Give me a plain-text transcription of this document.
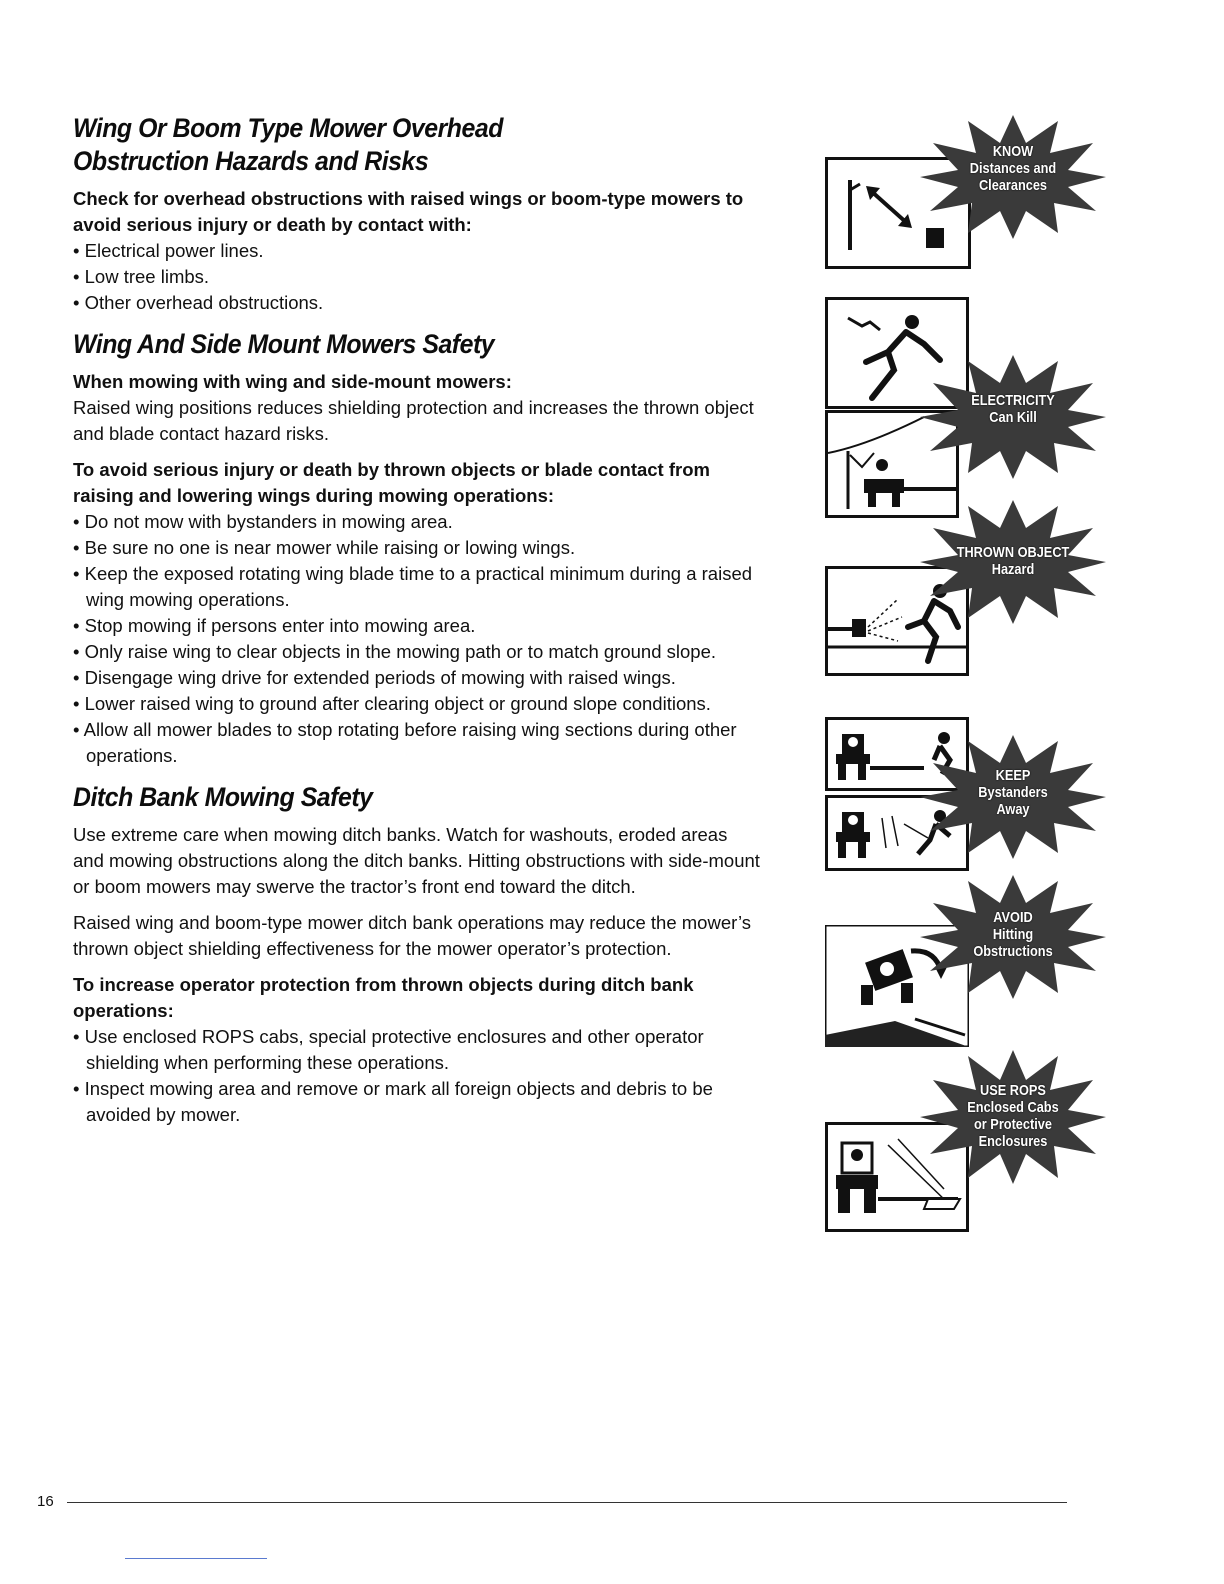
Wing Or Boom Type Mower Overhead
Obstruction Hazards and Risks

Check for overhead obstructions with raised wings or boom-type mowers to avoid serious injury or death by contact with:

• Electrical power lines.
• Low tree limbs.
• Other overhead obstructions.
Wing And Side Mount Mowers Safety

When mowing with wing and side-mount mowers:

Raised wing positions reduces shielding protection and increases the thrown object and blade contact hazard risks.

To avoid serious injury or death by thrown objects or blade contact from raising and lowering wings during mowing operations:

• Do not mow with bystanders in mowing area.
• Be sure no one is near mower while raising or lowing wings.
• Keep the exposed rotating wing blade time to a practical minimum during a raised wing mowing operations.
• Stop mowing if persons enter into mowing area.
• Only raise wing to clear objects in the mowing path or to match ground slope.
• Disengage wing drive for extended periods of mowing with raised wings.
• Lower raised wing to ground after clearing object or ground slope conditions.
• Allow all mower blades to stop rotating before raising wing sections during other operations.
Ditch Bank Mowing Safety

Use extreme care when mowing ditch banks. Watch for washouts, eroded areas and mowing obstructions along the ditch banks. Hitting obstructions with side-mount or boom mowers may swerve the tractor’s front end toward the ditch.

Raised wing and boom-type mower ditch bank operations may reduce the mower’s thrown object shielding effectiveness for the mower operator’s protection.

To increase operator protection from thrown objects during ditch bank operations:

• Use enclosed ROPS cabs, special protective enclosures and other operator shielding when performing these operations.
• Inspect mowing area and remove or mark all foreign objects and debris to be avoided by mower.
KNOW
Distances and
Clearances
ELECTRICITY
Can Kill
THROWN OBJECT
Hazard
KEEP
Bystanders
Away
AVOID
Hitting
Obstructions
USE ROPS
Enclosed Cabs
or Protective
Enclosures
16
